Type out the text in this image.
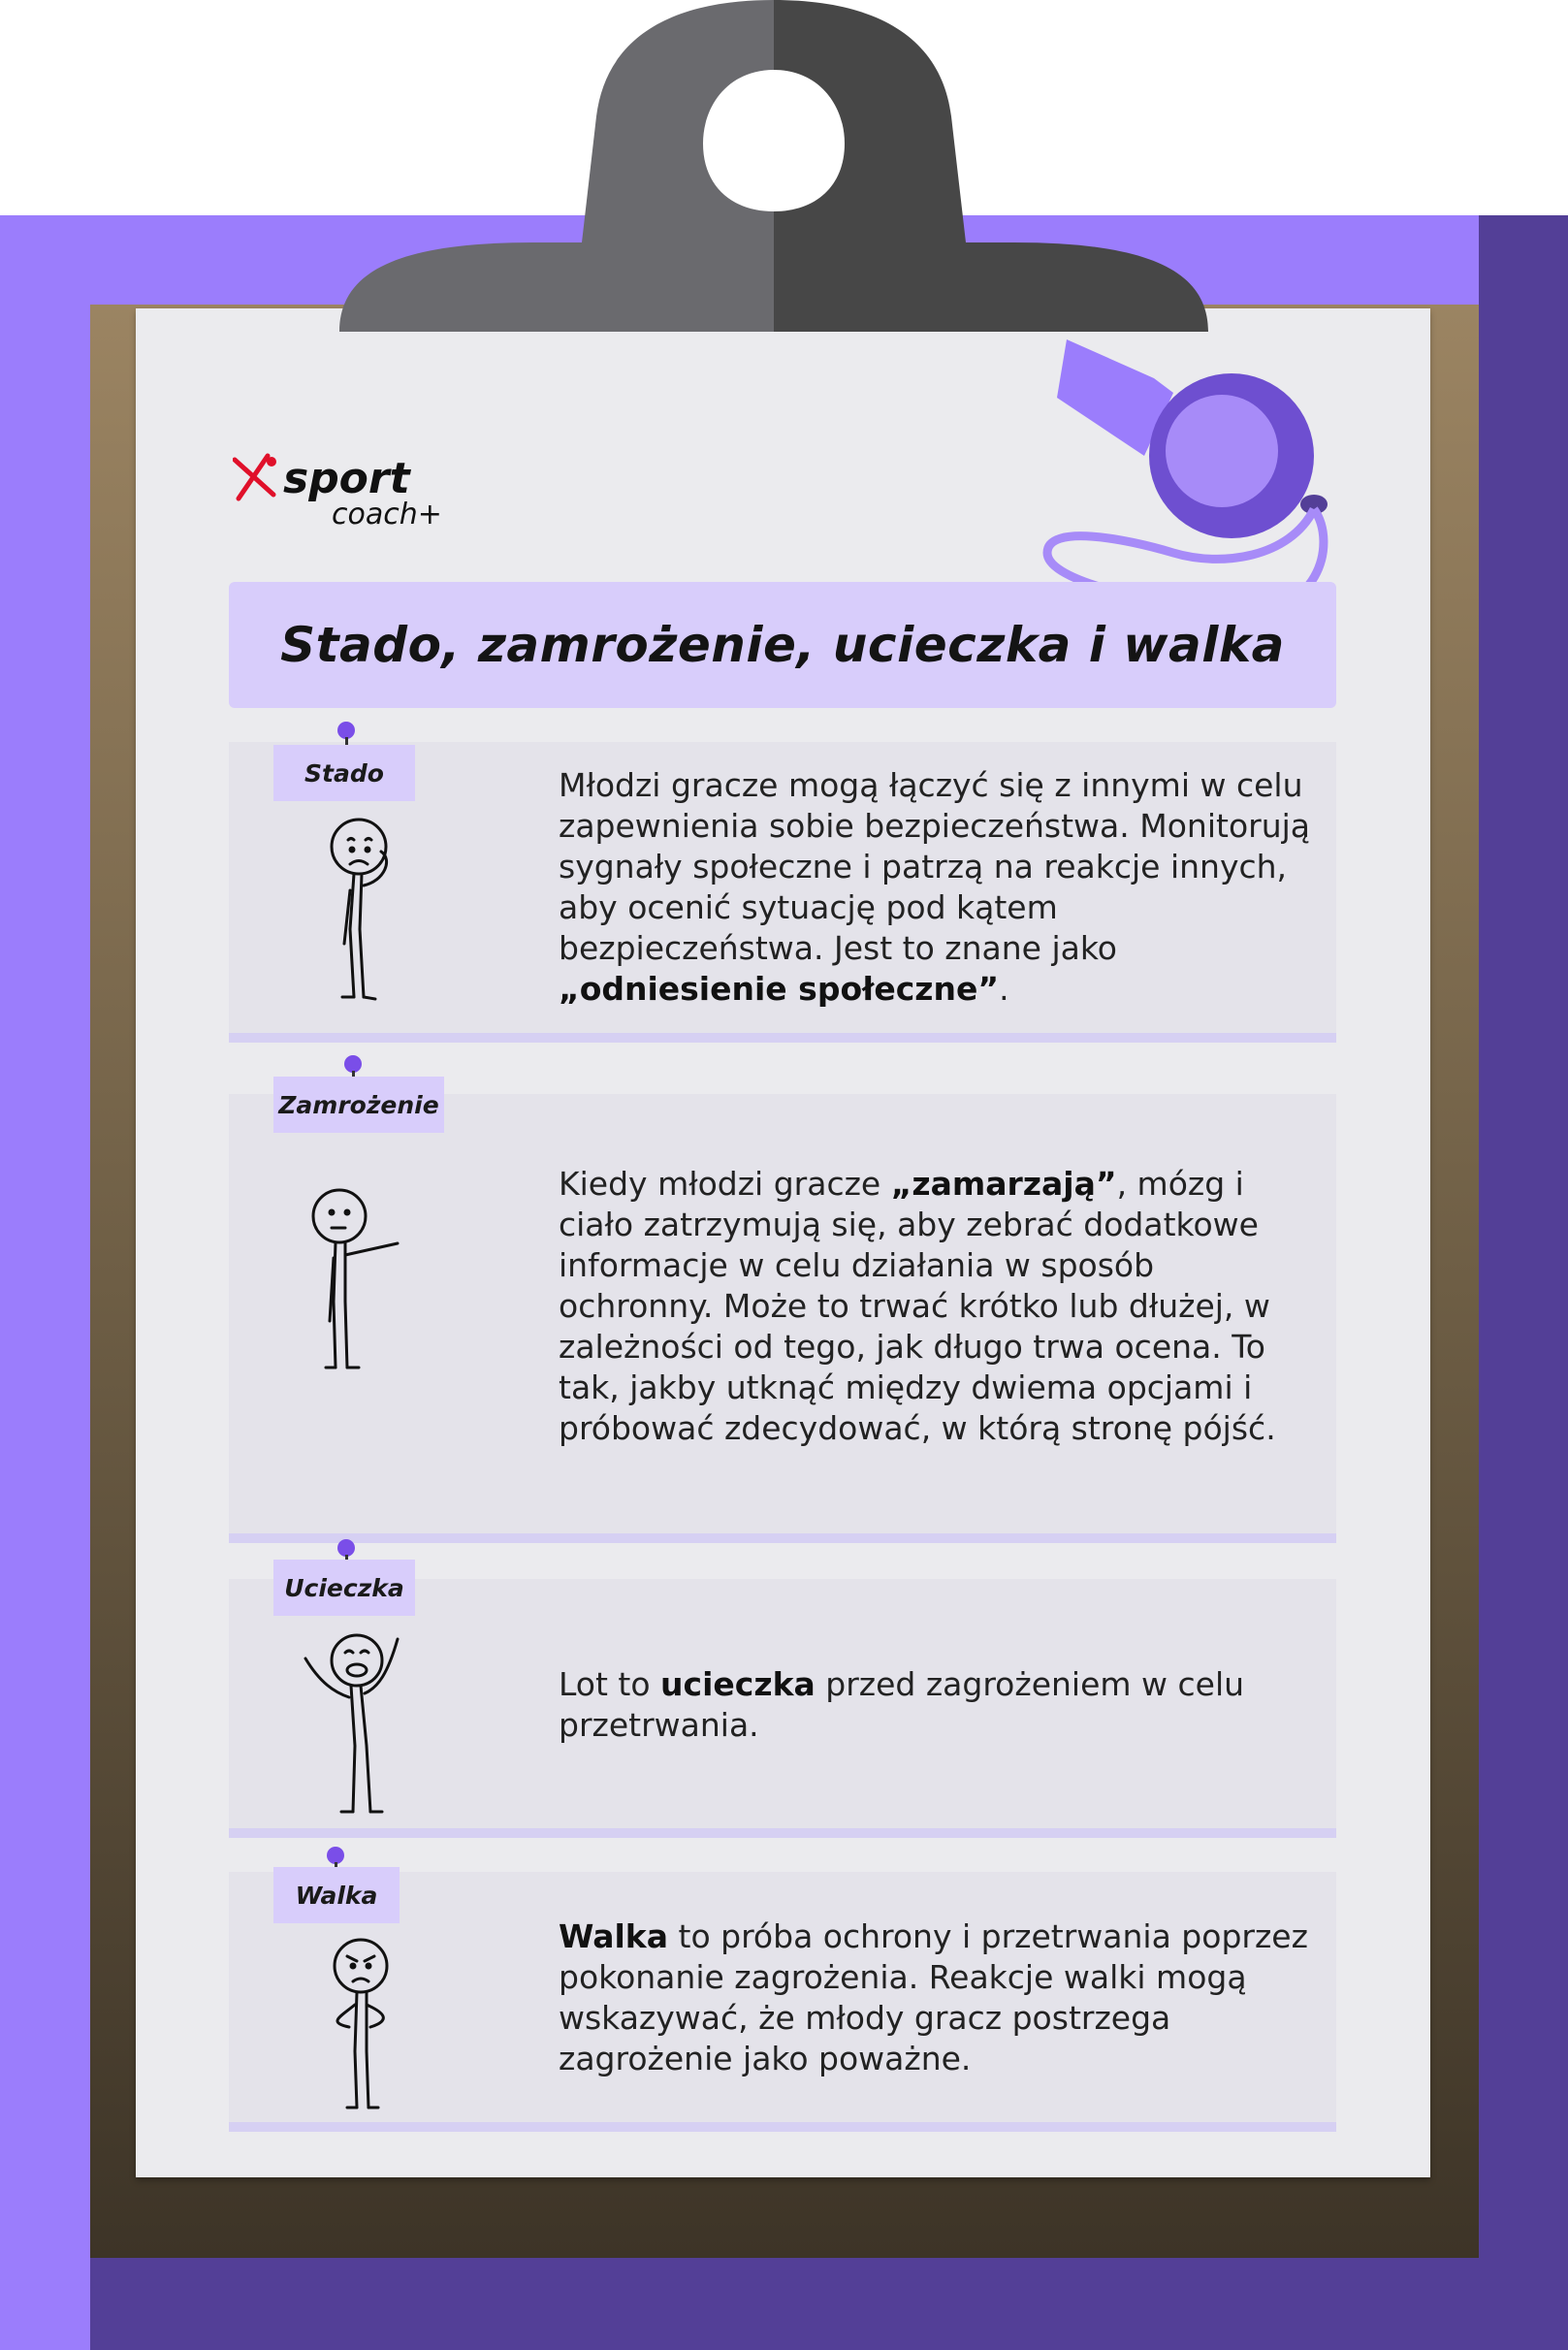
sport
coach+
Stado, zamrożenie, ucieczka i walka
Stado	Młodzi gracze mogą łączyć się z innymi w celu zapewnienia sobie bezpieczeństwa. Monitorują sygnały społeczne i patrzą na reakcje innych, aby ocenić sytuację pod kątem bezpieczeństwa. Jest to znane jako „odniesienie społeczne”.
Zamrożenie
Kiedy młodzi gracze „zamarzają”, mózg i ciało zatrzymują się, aby zebrać dodatkowe informacje w celu działania w sposób ochronny. Może to trwać krótko lub dłużej, w zależności od tego, jak długo trwa ocena. To tak, jakby utknąć między dwiema opcjami i próbować zdecydować, w którą stronę pójść.
Ucieczka
Lot to ucieczka przed zagrożeniem w celu przetrwania.
Walka
Walka to próba ochrony i przetrwania poprzez pokonanie zagrożenia. Reakcje walki mogą wskazywać, że młody gracz postrzega zagrożenie jako poważne.
